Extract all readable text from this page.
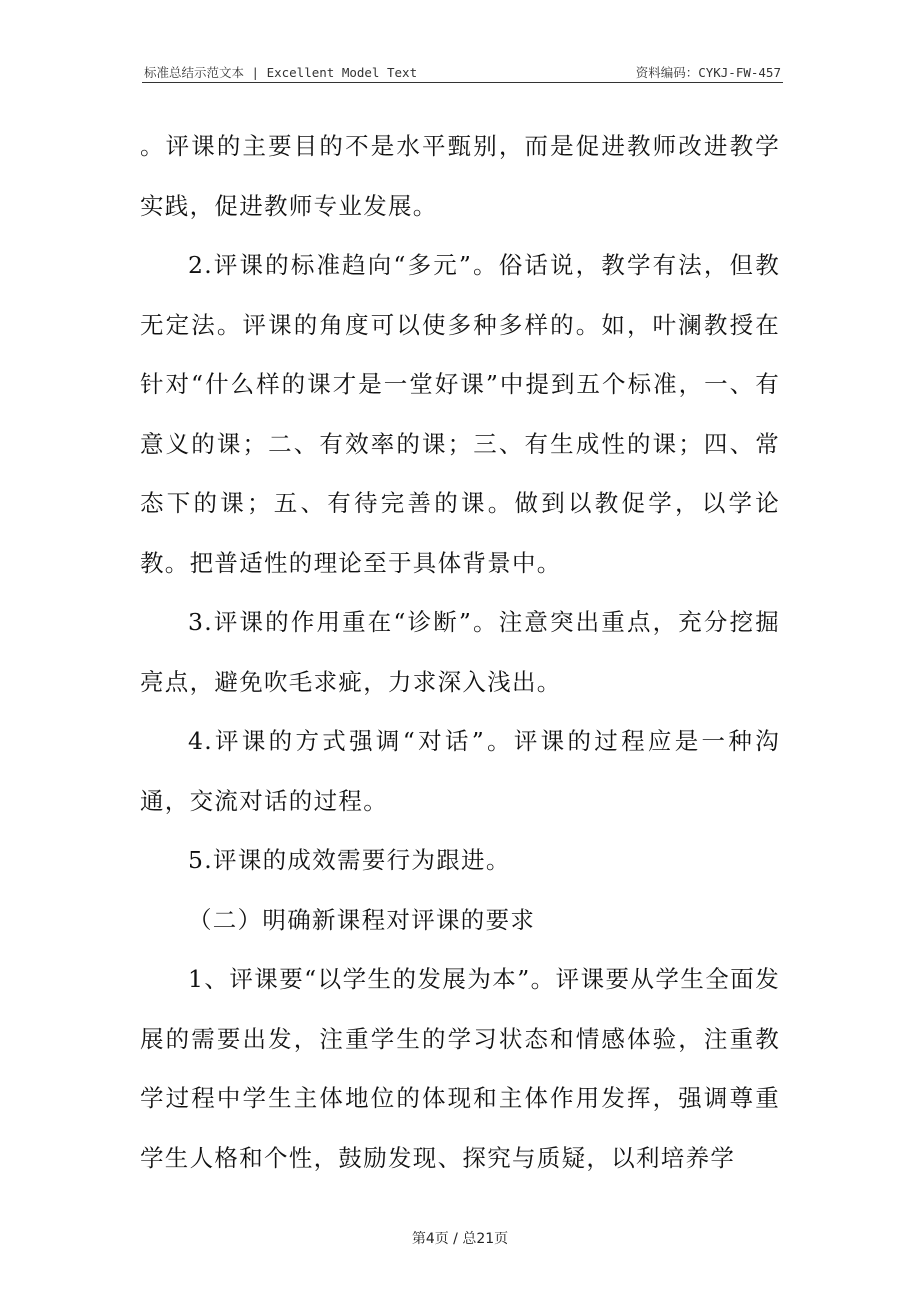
标准总结示范文本 | Excellent Model Text	资料编码：CYKJ-FW-457

。评课的主要目的不是水平甄别，而是促进教师改进教学实践，促进教师专业发展。

2.评课的标准趋向“多元”。俗话说，教学有法，但教无定法。评课的角度可以使多种多样的。如，叶澜教授在针对“什么样的课才是一堂好课”中提到五个标准，一、有意义的课；二、有效率的课；三、有生成性的课；四、常态下的课；五、有待完善的课。做到以教促学，以学论教。把普适性的理论至于具体背景中。

3.评课的作用重在“诊断”。注意突出重点，充分挖掘亮点，避免吹毛求疵，力求深入浅出。

4.评课的方式强调“对话”。评课的过程应是一种沟通，交流对话的过程。

5.评课的成效需要行为跟进。

（二）明确新课程对评课的要求

1、评课要“以学生的发展为本”。评课要从学生全面发展的需要出发，注重学生的学习状态和情感体验，注重教学过程中学生主体地位的体现和主体作用发挥，强调尊重学生人格和个性，鼓励发现、探究与质疑，以利培养学

第4页 / 总21页
